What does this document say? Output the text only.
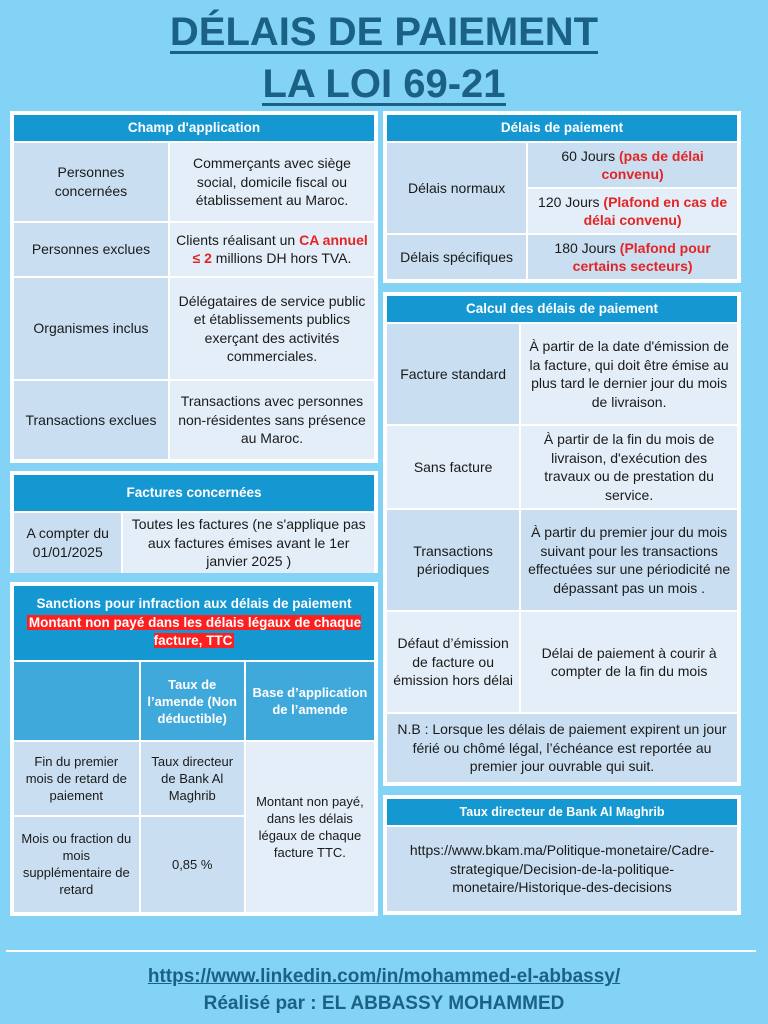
DÉLAIS DE PAIEMENT
LA LOI 69-21
Champ d'application	
Personnes concernées	Commerçants avec siège social, domicile fiscal ou établissement au Maroc.
Personnes exclues	Clients réalisant un CA annuel ≤ 2 millions DH hors TVA.
Organismes inclus	Délégataires de service public et établissements publics exerçant des activités commerciales.
Transactions exclues	Transactions avec personnes non-résidentes sans présence au Maroc.
Factures concernées
A compter du 01/01/2025	Toutes les factures (ne s'applique pas aux factures émises avant le 1er janvier 2025 )
Sanctions pour infraction aux délais de paiement
Montant non payé dans les délais légaux de chaque facture, TTC		

	Taux de l’amende (Non déductible)	Base d’application de l’amende
Fin du premier mois de retard de paiement	Taux directeur de Bank Al Maghrib	Montant non payé, dans les délais légaux de chaque facture TTC.
Mois ou fraction du mois supplémentaire de retard	0,85 %	
Délais de paiement	
Délais normaux	60 Jours (pas de délai convenu)
	120 Jours (Plafond en cas de délai convenu)
Délais spécifiques	180 Jours (Plafond pour certains secteurs)
Calcul des délais de paiement	
Facture standard	À partir de la date d'émission de la facture, qui doit être émise au plus tard le dernier jour du mois de livraison.
Sans facture	À partir de la fin du mois de livraison, d'exécution des travaux ou de prestation du service.
Transactions périodiques	À partir du premier jour du mois suivant pour les transactions effectuées sur une périodicité ne dépassant pas un mois .
Défaut d’émission de facture ou émission hors délai	Délai de paiement à courir à compter de la fin du mois
N.B : Lorsque les délais de paiement expirent un jour férié ou chômé légal, l’échéance est reportée au premier jour ouvrable qui suit.	
Taux directeur de Bank Al Maghrib
https://www.bkam.ma/Politique-monetaire/Cadre-strategique/Decision-de-la-politique-monetaire/Historique-des-decisions
https://www.linkedin.com/in/mohammed-el-abbassy/
Réalisé par : EL ABBASSY MOHAMMED
